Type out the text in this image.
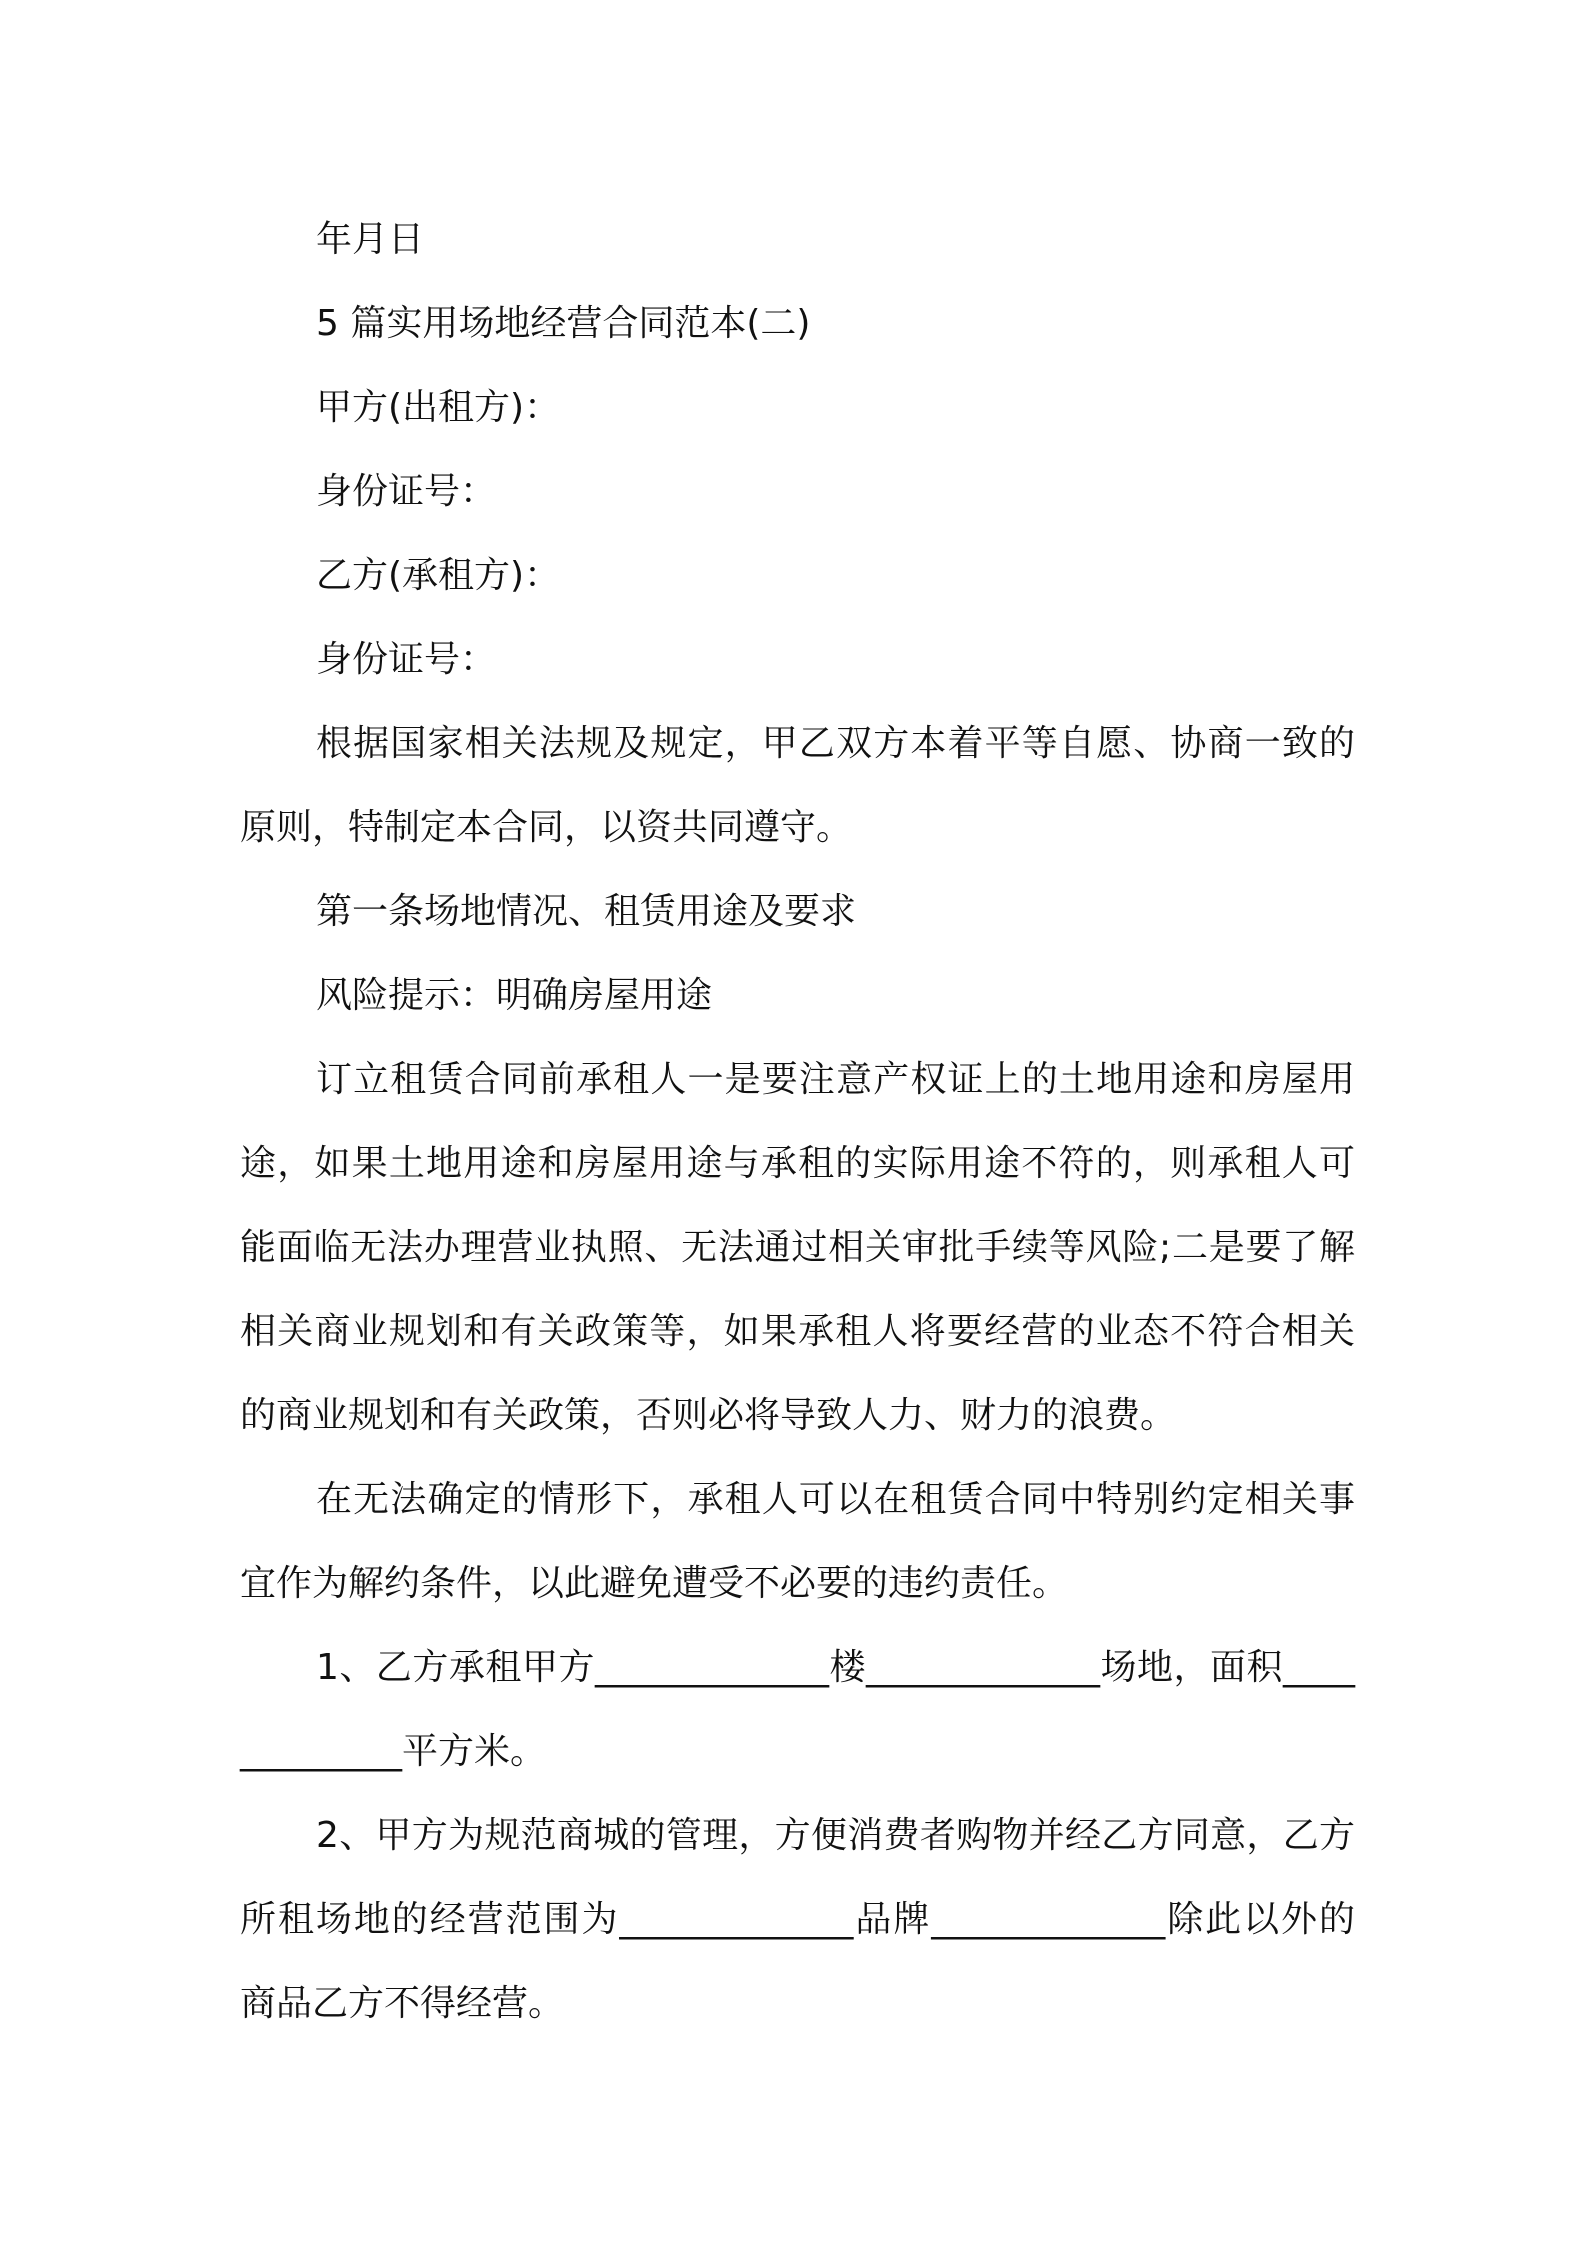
年月日

5 篇实用场地经营合同范本(二)

甲方(出租方)：

身份证号：

乙方(承租方)：

身份证号：

根据国家相关法规及规定，甲乙双方本着平等自愿、协商一致的原则，特制定本合同，以资共同遵守。

第一条场地情况、租赁用途及要求

风险提示：明确房屋用途

订立租赁合同前承租人一是要注意产权证上的土地用途和房屋用途，如果土地用途和房屋用途与承租的实际用途不符的，则承租人可能面临无法办理营业执照、无法通过相关审批手续等风险;二是要了解相关商业规划和有关政策等，如果承租人将要经营的业态不符合相关的商业规划和有关政策，否则必将导致人力、财力的浪费。

在无法确定的情形下，承租人可以在租赁合同中特别约定相关事宜作为解约条件，以此避免遭受不必要的违约责任。

1、乙方承租甲方_____________楼_____________场地，面积_____________平方米。

2、甲方为规范商城的管理，方便消费者购物并经乙方同意，乙方所租场地的经营范围为_____________品牌_____________除此以外的商品乙方不得经营。
